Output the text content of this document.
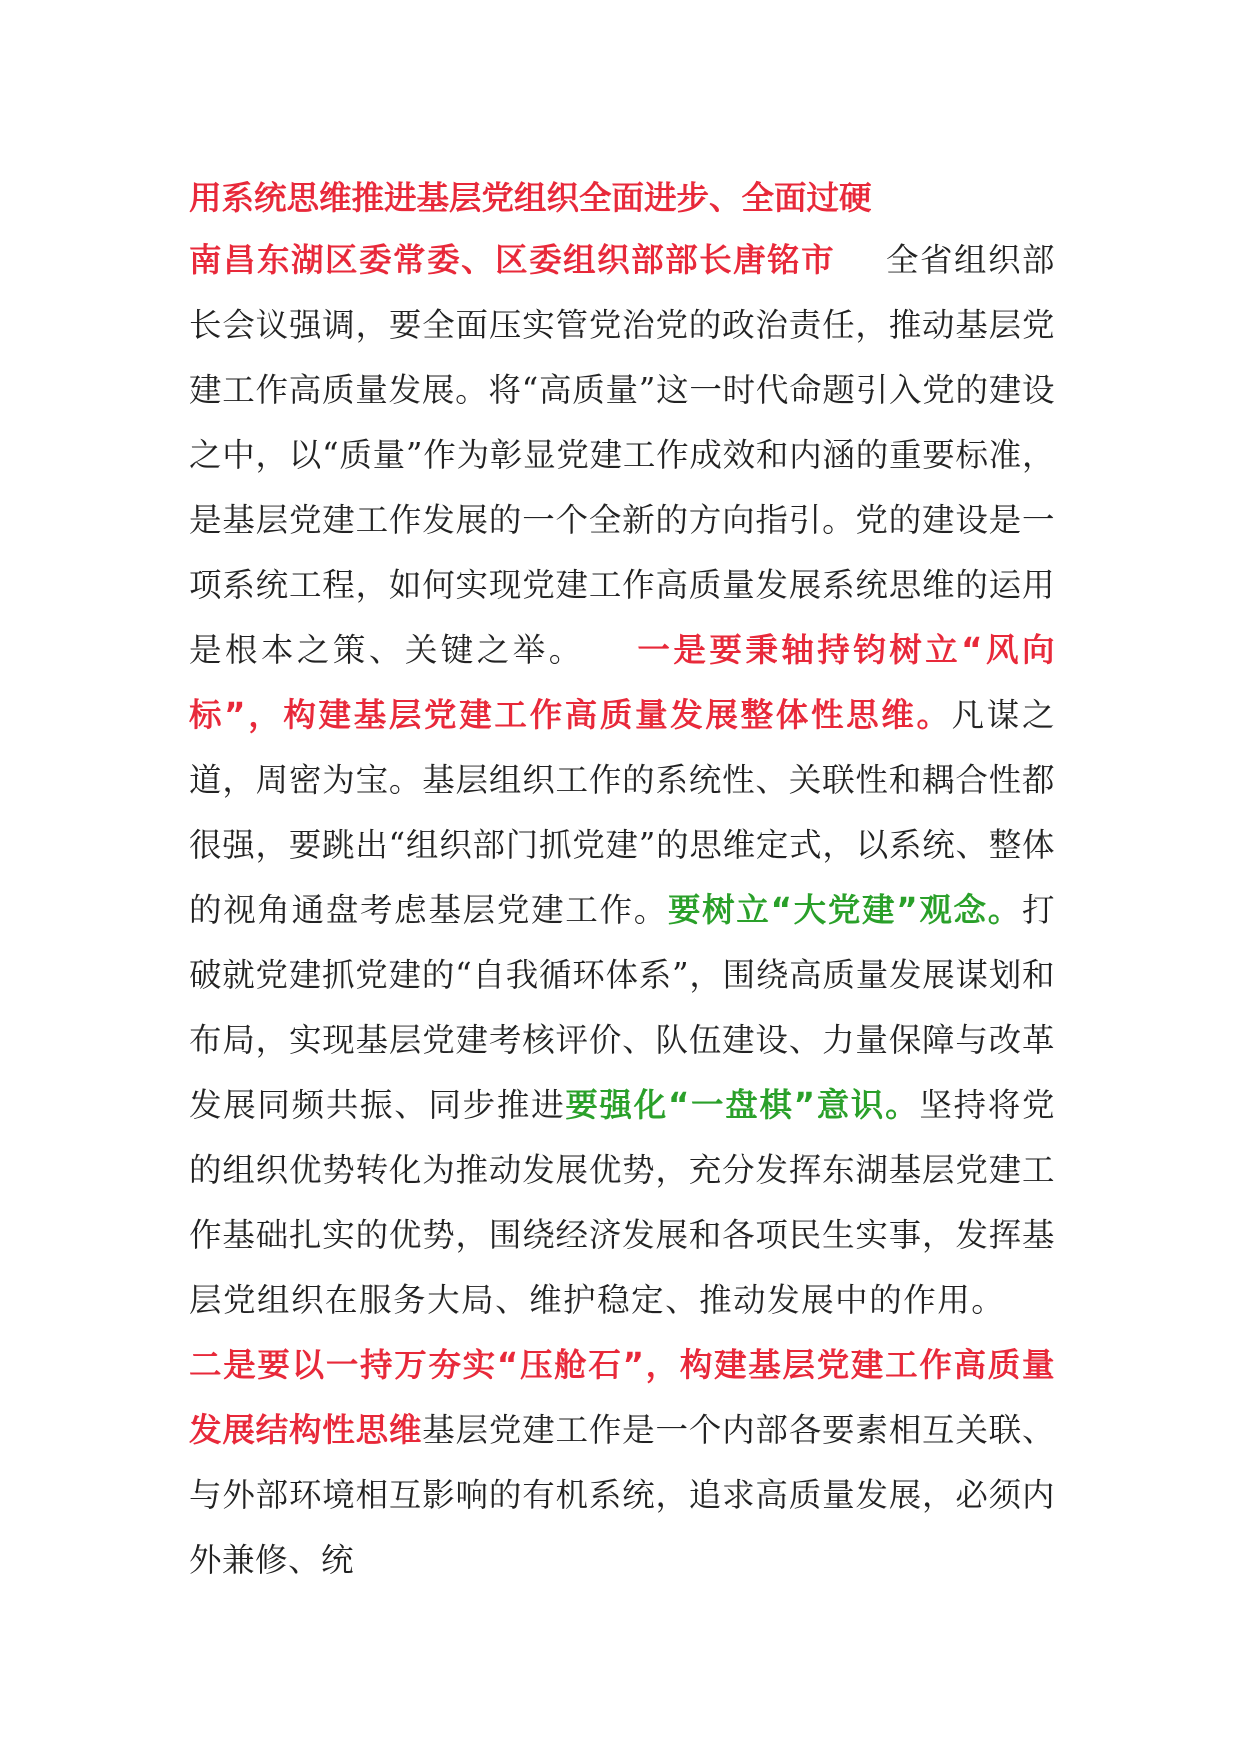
用系统思维推进基层党组织全面进步、全面过硬

南昌东湖区委常委、区委组织部部长唐铭市   全省组织部长会议强调，要全面压实管党治党的政治责任，推动基层党建工作高质量发展。将“高质量”这一时代命题引入党的建设之中，以“质量”作为彰显党建工作成效和内涵的重要标准，是基层党建工作发展的一个全新的方向指引。党的建设是一项系统工程，如何实现党建工作高质量发展系统思维的运用是根本之策、关键之举。   一是要秉轴持钧树立“风向标”，构建基层党建工作高质量发展整体性思维。凡谋之道，周密为宝。基层组织工作的系统性、关联性和耦合性都很强，要跳出“组织部门抓党建”的思维定式，以系统、整体的视角通盘考虑基层党建工作。要树立“大党建”观念。打破就党建抓党建的“自我循环体系”，围绕高质量发展谋划和布局，实现基层党建考核评价、队伍建设、力量保障与改革发展同频共振、同步推进要强化“一盘棋”意识。坚持将党的组织优势转化为推动发展优势，充分发挥东湖基层党建工作基础扎实的优势，围绕经济发展和各项民生实事，发挥基层党组织在服务大局、维护稳定、推动发展中的作用。  二是要以一持万夯实“压舱石”，构建基层党建工作高质量发展结构性思维基层党建工作是一个内部各要素相互关联、与外部环境相互影响的有机系统，追求高质量发展，必须内外兼修、统
